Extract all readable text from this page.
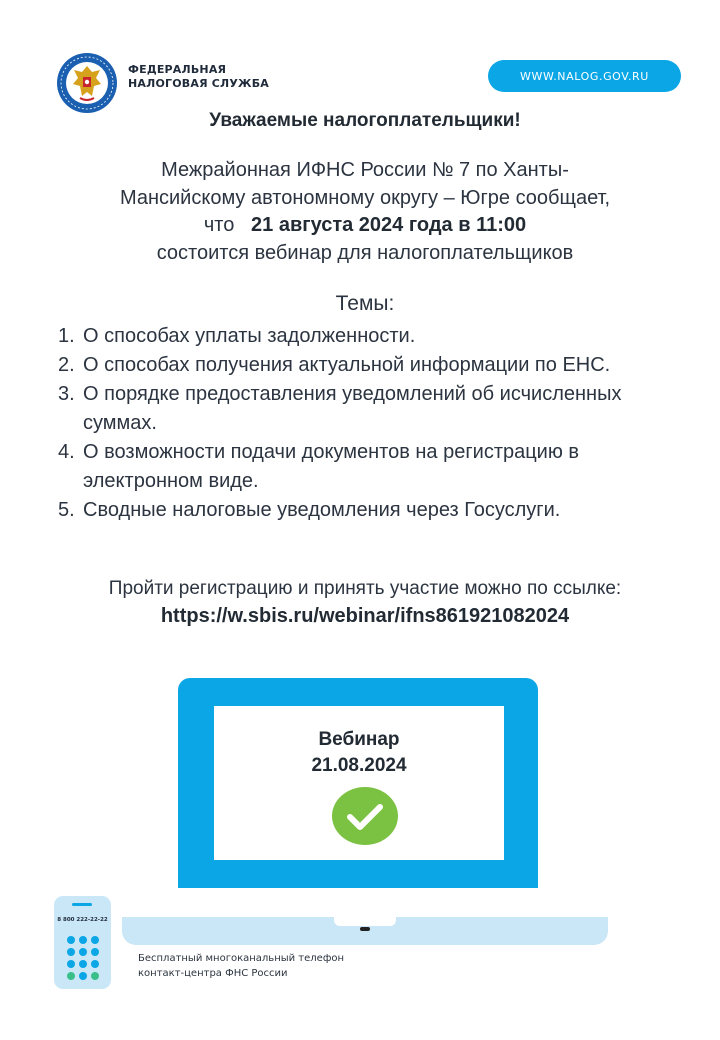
ФЕДЕРАЛЬНАЯ
НАЛОГОВАЯ СЛУЖБА
WWW.NALOG.GOV.RU
Уважаемые налогоплательщики!
Межрайонная ИФНС России № 7 по Ханты-
Мансийскому автономному округу – Югре сообщает,
что   21 августа 2024 года в 11:00
состоится вебинар для налогоплательщиков
Темы:
1. О способах уплаты задолженности.
2. О способах получения актуальной информации по ЕНС.
3. О порядке предоставления уведомлений об исчисленных суммах.
4. О возможности подачи документов на регистрацию в электронном виде.
5. Сводные налоговые уведомления через Госуслуги.
Пройти регистрацию и принять участие можно по ссылке:
https://w.sbis.ru/webinar/ifns861921082024
Вебинар
21.08.2024
8 800 222-22-22
Бесплатный многоканальный телефон
контакт-центра ФНС России
